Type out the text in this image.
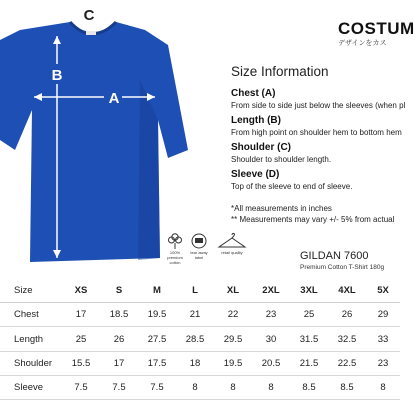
C
B
A
COSTUM
デザインをカス
Size Information
Chest (A)
From side to side just below the sleeves (when pl
Length (B)
From high point on shoulder hem to bottom hem
Shoulder (C)
Shoulder to shoulder length.
Sleeve (D)
Top of the sleeve to end of sleeve.
*All measurements in inches
** Measurements may vary +/- 5% from actual
100%
premium cotton
tear away
label
retail quality	GILDAN 7600
Premium Cotton T-Shirt 180g
Size	XS	S	M	L	XL	2XL	3XL	4XL	5X
Chest	17	18.5	19.5	21	22	23	25	26	29
Length	25	26	27.5	28.5	29.5	30	31.5	32.5	33
Shoulder	15.5	17	17.5	18	19.5	20.5	21.5	22.5	23
Sleeve	7.5	7.5	7.5	8	8	8	8.5	8.5	8
